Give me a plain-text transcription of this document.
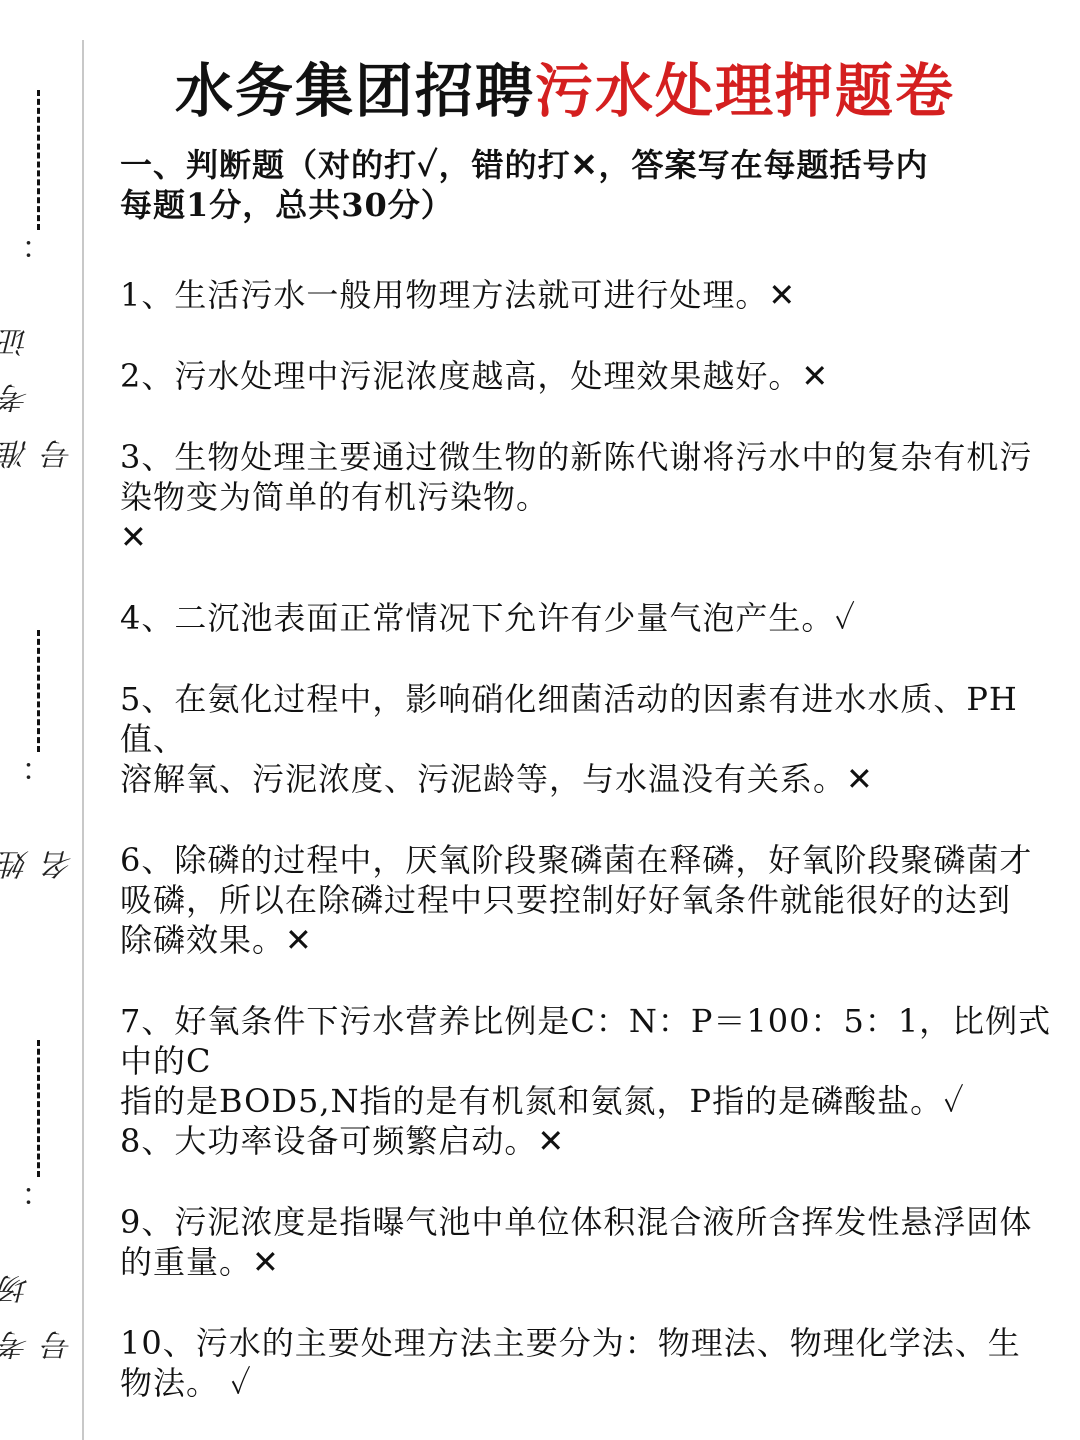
：
准考证号
：
姓名
：
考场号
水务集团招聘污水处理押题卷
一、判断题（对的打✓，错的打✕，答案写在每题括号内
每题1分，总共30分）
1、生活污水一般用物理方法就可进行处理。✕
2、污水处理中污泥浓度越高，处理效果越好。✕
3、生物处理主要通过微生物的新陈代谢将污水中的复杂有机污
染物变为简单的有机污染物。
✕
4、二沉池表面正常情况下允许有少量气泡产生。✓
5、在氨化过程中，影响硝化细菌活动的因素有进水水质、PH值、
溶解氧、污泥浓度、污泥龄等，与水温没有关系。✕
6、除磷的过程中，厌氧阶段聚磷菌在释磷，好氧阶段聚磷菌才
吸磷，所以在除磷过程中只要控制好好氧条件就能很好的达到
除磷效果。✕
7、好氧条件下污水营养比例是C：N：P＝100：5：1，比例式中的C
指的是BOD5,N指的是有机氮和氨氮，P指的是磷酸盐。✓
8、大功率设备可频繁启动。✕
9、污泥浓度是指曝气池中单位体积混合液所含挥发性悬浮固体
的重量。✕
10、污水的主要处理方法主要分为：物理法、物理化学法、生
物法。 ✓
